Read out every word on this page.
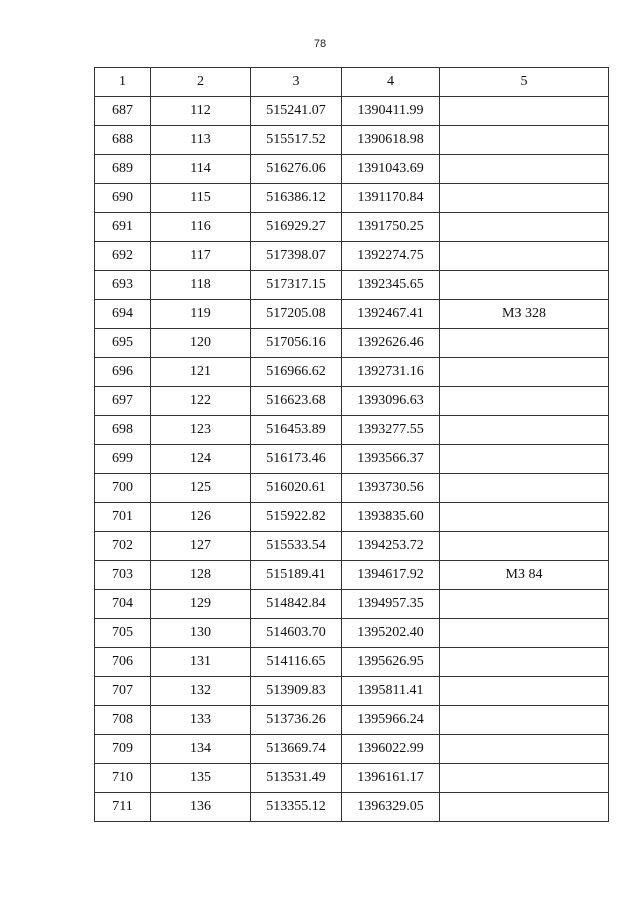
78
1	2	3	4	5
687	112	515241.07	1390411.99	
688	113	515517.52	1390618.98	
689	114	516276.06	1391043.69	
690	115	516386.12	1391170.84	
691	116	516929.27	1391750.25	
692	117	517398.07	1392274.75	
693	118	517317.15	1392345.65	
694	119	517205.08	1392467.41	МЗ 328
695	120	517056.16	1392626.46	
696	121	516966.62	1392731.16	
697	122	516623.68	1393096.63	
698	123	516453.89	1393277.55	
699	124	516173.46	1393566.37	
700	125	516020.61	1393730.56	
701	126	515922.82	1393835.60	
702	127	515533.54	1394253.72	
703	128	515189.41	1394617.92	МЗ 84
704	129	514842.84	1394957.35	
705	130	514603.70	1395202.40	
706	131	514116.65	1395626.95	
707	132	513909.83	1395811.41	
708	133	513736.26	1395966.24	
709	134	513669.74	1396022.99	
710	135	513531.49	1396161.17	
711	136	513355.12	1396329.05	
